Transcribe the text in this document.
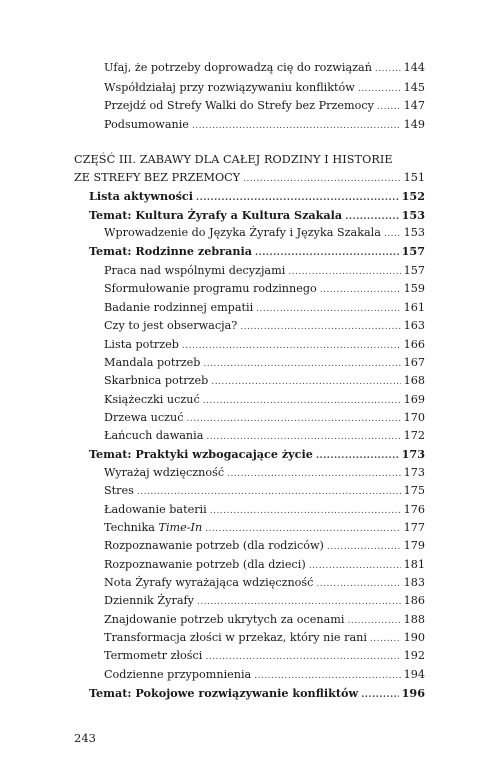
Ufaj, że potrzeby doprowadzą cię do rozwiązań .....	144
Współdziałaj przy rozwiązywaniu konfliktów .....	145
Przejdź od Strefy Walki do Strefy bez Przemocy .....	147
Podsumowanie .....	149
CZĘŚĆ III. ZABAWY DLA CAŁEJ RODZINY I HISTORIE
ZE STREFY BEZ PRZEMOCY .....	151
Lista aktywności .....	152
Temat: Kultura Żyrafy a Kultura Szakala .....	153
Wprowadzenie do Języka Żyrafy i Języka Szakala ..... 153
Temat: Rodzinne zebrania .....	157
Praca nad wspólnymi decyzjami .....	157
Sformułowanie programu rodzinnego .....	159
Badanie rodzinnej empatii .....	161
Czy to jest obserwacja? .....	163
Lista potrzeb .....	166
Mandala potrzeb .....	167
Skarbnica potrzeb .....	168
Książeczki uczuć .....	169
Drzewa uczuć .....	170
Łańcuch dawania .....	172
Temat: Praktyki wzbogacające życie .....	173
Wyrażaj wdzięczność .....	173
Stres .....	175
Ładowanie baterii .....	176
Technika Time-In .....	177
Rozpoznawanie potrzeb (dla rodziców) .....	179
Rozpoznawanie potrzeb (dla dzieci) .....	181
Nota Żyrafy wyrażająca wdzięczność .....	183
Dziennik Żyrafy .....	186
Znajdowanie potrzeb ukrytych za ocenami .....	188
Transformacja złości w przekaz, który nie rani .....	190
Termometr złości .....	192
Codzienne przypomnienia .....	194
Temat: Pokojowe rozwiązywanie konfliktów .....	196
243
